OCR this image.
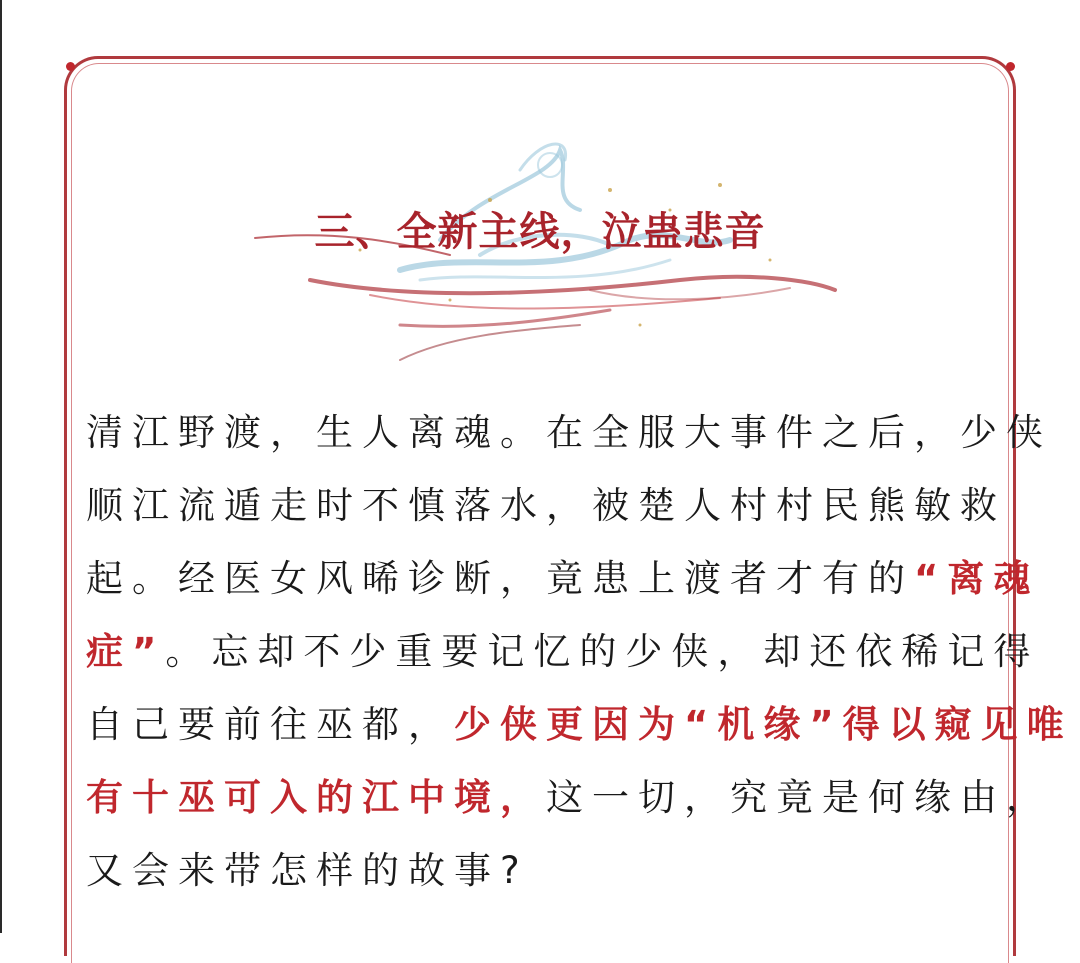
三、全新主线，泣蛊悲音
清江野渡，生人离魂。在全服大事件之后，少侠
顺江流遁走时不慎落水，被楚人村村民熊敏救
起。经医女风晞诊断，竟患上渡者才有的“离魂
症”。忘却不少重要记忆的少侠，却还依稀记得
自己要前往巫都，少侠更因为“机缘”得以窥见唯
有十巫可入的江中境，这一切，究竟是何缘由，
又会来带怎样的故事?
